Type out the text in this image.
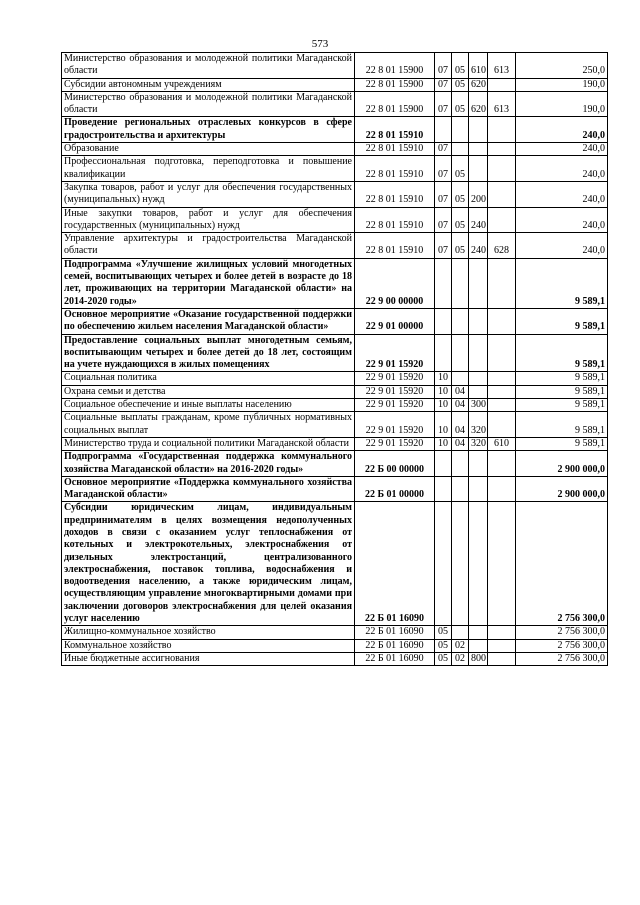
573
Министерство образования и молодежной политики Магаданской области	22 8 01 15900	07	05	610	613	250,0
Субсидии автономным учреждениям	22 8 01 15900	07	05	620		190,0
Министерство образования и молодежной политики Магаданской области	22 8 01 15900	07	05	620	613	190,0
Проведение региональных отраслевых конкурсов в сфере градостроительства и архитектуры	22 8 01 15910					240,0
Образование	22 8 01 15910	07				240,0
Профессиональная подготовка, переподготовка и повышение квалификации	22 8 01 15910	07	05			240,0
Закупка товаров, работ и услуг для обеспечения государственных (муниципальных) нужд	22 8 01 15910	07	05	200		240,0
Иные закупки товаров, работ и услуг для обеспечения государственных (муниципальных) нужд	22 8 01 15910	07	05	240		240,0
Управление архитектуры и градостроительства Магаданской области	22 8 01 15910	07	05	240	628	240,0
Подпрограмма «Улучшение жилищных условий многодетных семей, воспитывающих четырех и более детей в возрасте до 18 лет, проживающих на территории Магаданской области» на 2014-2020 годы»	22 9 00 00000					9 589,1
Основное мероприятие «Оказание государственной поддержки по обеспечению жильем населения Магаданской области»	22 9 01 00000					9 589,1
Предоставление социальных выплат многодетным семьям, воспитывающим четырех и более детей до 18 лет, состоящим на учете нуждающихся в жилых помещениях	22 9 01 15920					9 589,1
Социальная политика	22 9 01 15920	10				9 589,1
Охрана семьи и детства	22 9 01 15920	10	04			9 589,1
Социальное обеспечение и иные выплаты населению	22 9 01 15920	10	04	300		9 589,1
Социальные выплаты гражданам, кроме публичных нормативных социальных выплат	22 9 01 15920	10	04	320		9 589,1
Министерство труда и социальной политики Магаданской области	22 9 01 15920	10	04	320	610	9 589,1
Подпрограмма «Государственная поддержка коммунального хозяйства Магаданской области» на 2016-2020 годы»	22 Б 00 00000					2 900 000,0
Основное мероприятие «Поддержка коммунального хозяйства Магаданской области»	22 Б 01 00000					2 900 000,0
Субсидии юридическим лицам, индивидуальным предпринимателям в целях возмещения недополученных доходов в связи с оказанием услуг теплоснабжения от котельных и электрокотельных, электроснабжения от дизельных электростанций, централизованного электроснабжения, поставок топлива, водоснабжения и водоотведения населению, а также юридическим лицам, осуществляющим управление многоквартирными домами при заключении договоров электроснабжения для целей оказания услуг населению	22 Б 01 16090					2 756 300,0
Жилищно-коммунальное хозяйство	22 Б 01 16090	05				2 756 300,0
Коммунальное хозяйство	22 Б 01 16090	05	02			2 756 300,0
Иные бюджетные ассигнования	22 Б 01 16090	05	02	800		2 756 300,0
